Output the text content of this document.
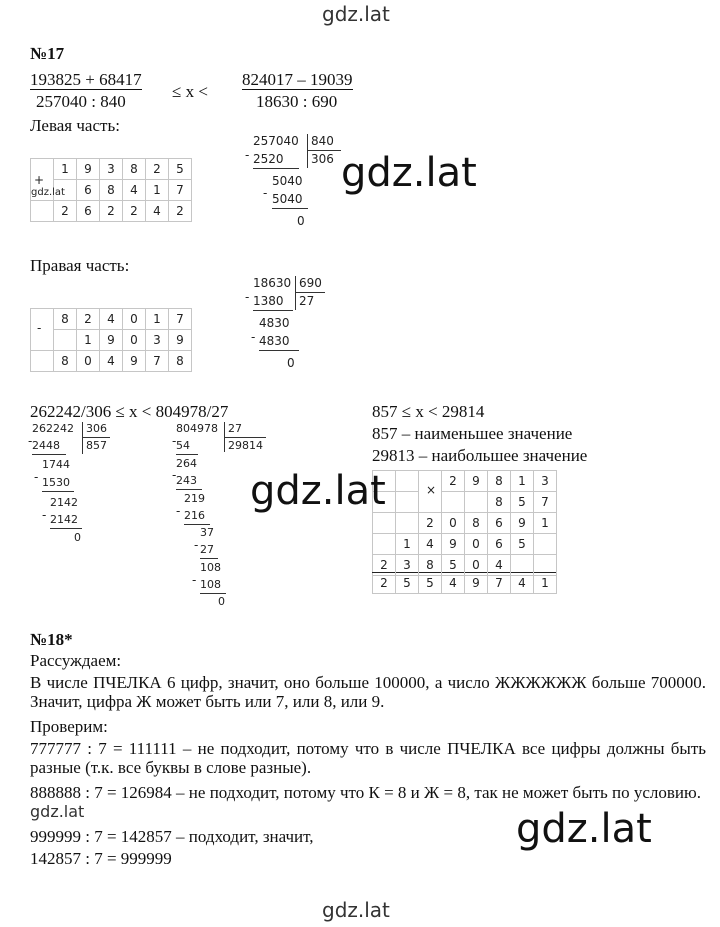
gdz.lat
gdz.lat
№17
193825 + 68417
257040 : 840
≤ x <
824017 – 19039
18630 : 690
Левая часть:
+
gdz.lat	1	9	3	8	2	5
		6	8	4	1	7
	2	6	2	2	4	2
257040 840
- 2520 306
5040
- 5040
0
gdz.lat
Правая часть:
-	8	2	4	0	1	7
		1	9	0	3	9
	8	0	4	9	7	8
18630 690
- 1380 27
4830
- 4830
0
262242/306 ≤ x < 804978/27
262242 306
- 2448 857
1744
- 1530
2142
- 2142
0
804978 27
- 54	29814
264
- 243
219
- 216
37
- 27
108
- 108
0
857 ≤ x < 29814
857 – наименьшее значение
29813 – наибольшее значение

		×	2	9	8	1	3
					8	5	7
		2	0	8	6	9	1
	1	4	9	0	6	5	
2	3	8	5	0	4		
2	5	5	4	9	7	4	1
gdz.lat
№18*
Рассуждаем:
В числе ПЧЕЛКА 6 цифр, значит, оно больше 100000, а число ЖЖЖЖЖЖ больше 700000. Значит, цифра Ж может быть или 7, или 8, или 9.
Проверим:
777777 : 7 = 111111 – не подходит, потому что в числе ПЧЕЛКА все цифры должны быть разные (т.к. все буквы в слове разные).
888888 : 7 = 126984 – не подходит, потому что К = 8 и Ж = 8, так не может быть по условию. gdz.lat
999999 : 7 = 142857 – подходит, значит,
142857 : 7 = 999999
gdz.lat
